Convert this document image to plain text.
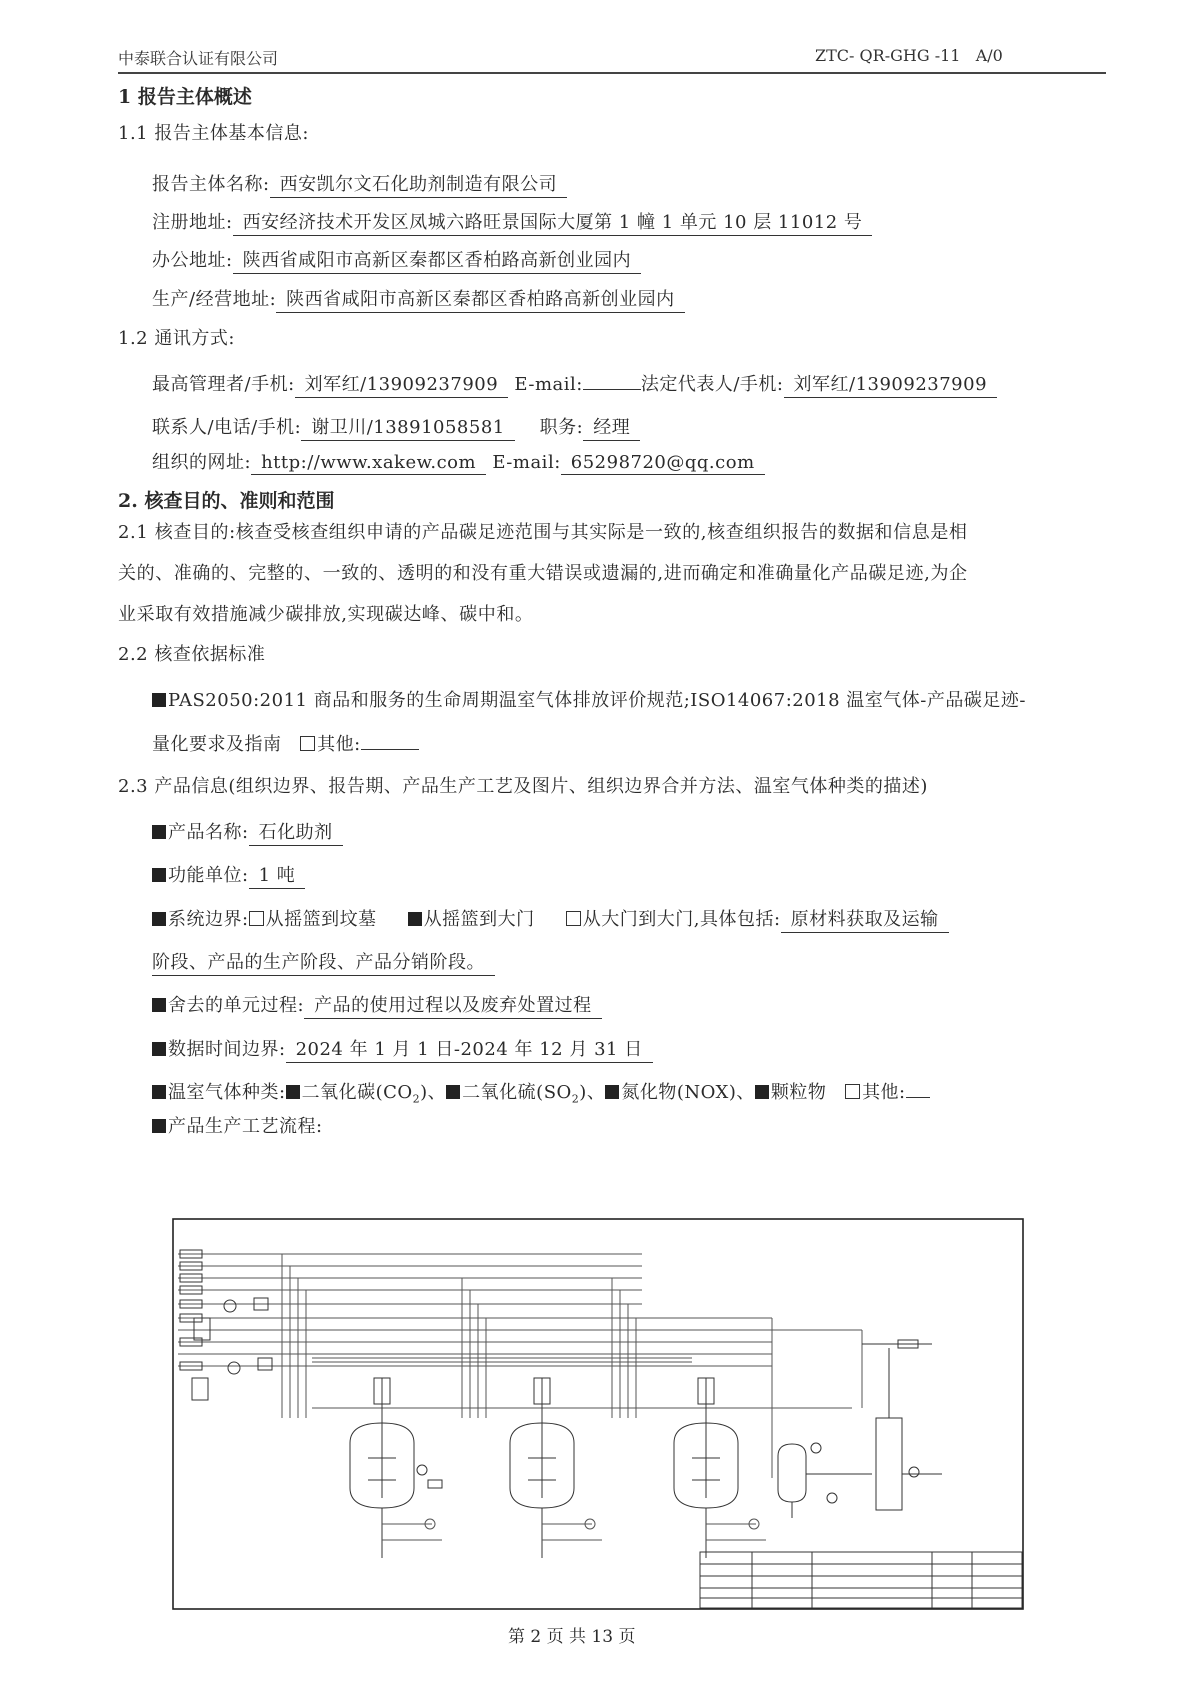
中泰联合认证有限公司	ZTC- QR-GHG -11 A/0
1 报告主体概述
1.1 报告主体基本信息:
报告主体名称: 西安凯尔文石化助剂制造有限公司
注册地址: 西安经济技术开发区凤城六路旺景国际大厦第 1 幢 1 单元 10 层 11012 号
办公地址: 陕西省咸阳市高新区秦都区香柏路高新创业园内
生产/经营地址: 陕西省咸阳市高新区秦都区香柏路高新创业园内
1.2 通讯方式:
最高管理者/手机: 刘军红/13909237909 E-mail:	法定代表人/手机: 刘军红/13909237909
联系人/电话/手机: 谢卫川/13891058581 职务: 经理
组织的网址: http://www.xakew.com E-mail: 65298720@qq.com
2. 核查目的、准则和范围
2.1 核查目的:核查受核查组织申请的产品碳足迹范围与其实际是一致的,核查组织报告的数据和信息是相
关的、准确的、完整的、一致的、透明的和没有重大错误或遗漏的,进而确定和准确量化产品碳足迹,为企
业采取有效措施减少碳排放,实现碳达峰、碳中和。
2.2 核查依据标准
PAS2050:2011 商品和服务的生命周期温室气体排放评价规范;ISO14067:2018 温室气体-产品碳足迹-
量化要求及指南 其他:
2.3 产品信息(组织边界、报告期、产品生产工艺及图片、组织边界合并方法、温室气体种类的描述)
产品名称: 石化助剂
功能单位: 1 吨
系统边界: 从摇篮到坟墓	从摇篮到大门	从大门到大门,具体包括: 原材料获取及运输
阶段、产品的生产阶段、产品分销阶段。
舍去的单元过程: 产品的使用过程以及废弃处置过程
数据时间边界: 2024 年 1 月 1 日-2024 年 12 月 31 日
温室气体种类: 二氧化碳$(CO_2)$、 二氧化硫$(SO_2)$、 氮化物(NOX)、 颗粒物 其他:
产品生产工艺流程:
第 2 页 共 13 页
